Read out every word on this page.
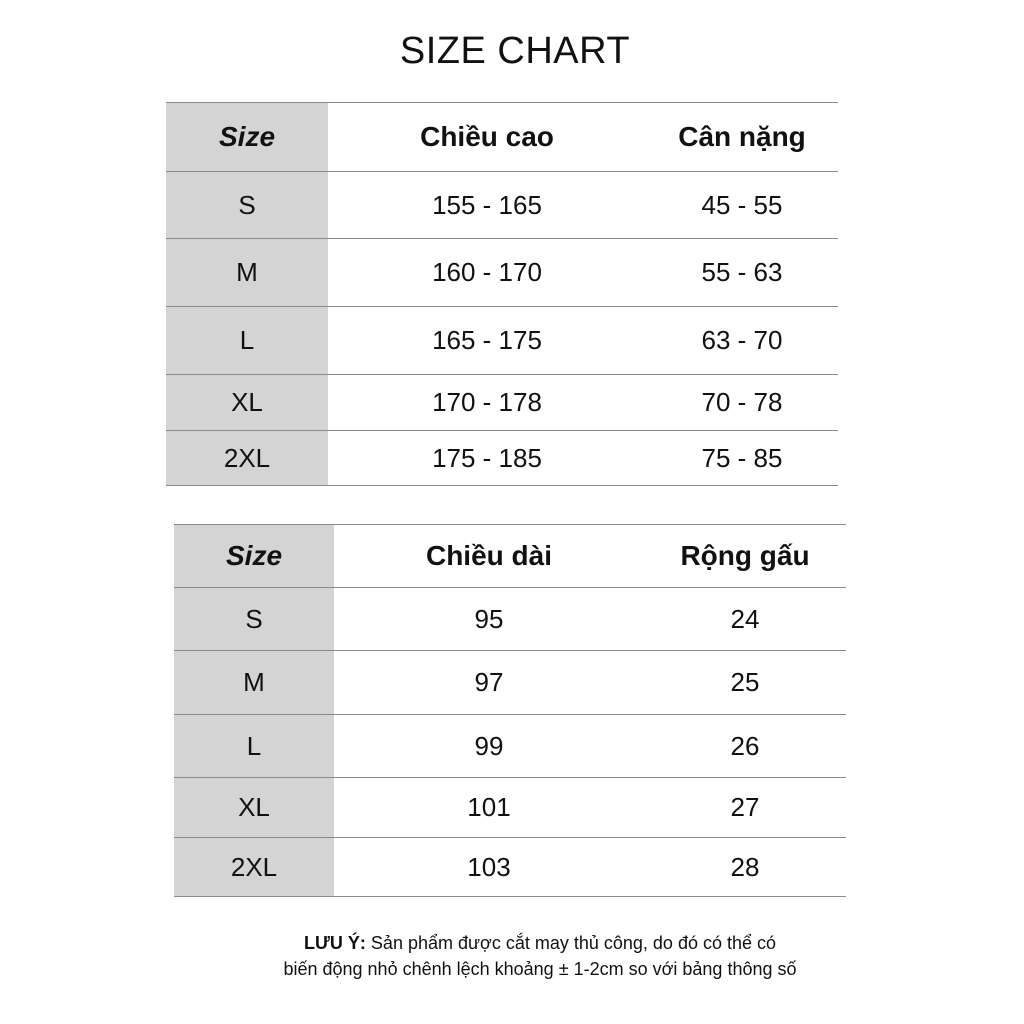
SIZE CHART
Size	Chiều cao	Cân nặng
S	155 - 165	45 - 55
M	160 - 170	55 - 63
L	165 - 175	63 - 70
XL	170 - 178	70 - 78
2XL	175 - 185	75 - 85
Size	Chiều dài	Rộng gấu
S	95	24
M	97	25
L	99	26
XL	101	27
2XL	103	28
LƯU Ý: Sản phẩm được cắt may thủ công, do đó có thể có
biến động nhỏ chênh lệch khoảng ± 1-2cm so với bảng thông số
